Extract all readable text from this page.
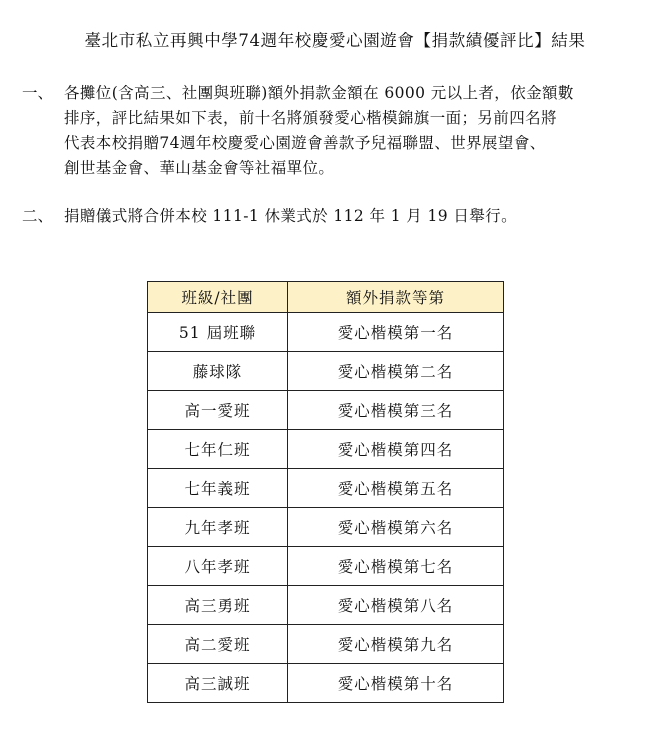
臺北市私立再興中學74週年校慶愛心園遊會【捐款績優評比】結果
一、 各攤位(含高三、社團與班聯)額外捐款金額在 6000 元以上者，依金額數
排序，評比結果如下表，前十名將頒發愛心楷模錦旗一面；另前四名將
代表本校捐贈74週年校慶愛心園遊會善款予兒福聯盟、世界展望會、
創世基金會、華山基金會等社福單位。
二、 捐贈儀式將合併本校 111-1 休業式於 112 年 1 月 19 日舉行。
班級/社團	額外捐款等第
51 屆班聯	愛心楷模第一名
藤球隊	愛心楷模第二名
高一愛班	愛心楷模第三名
七年仁班	愛心楷模第四名
七年義班	愛心楷模第五名
九年孝班	愛心楷模第六名
八年孝班	愛心楷模第七名
高三勇班	愛心楷模第八名
高二愛班	愛心楷模第九名
高三誠班	愛心楷模第十名
